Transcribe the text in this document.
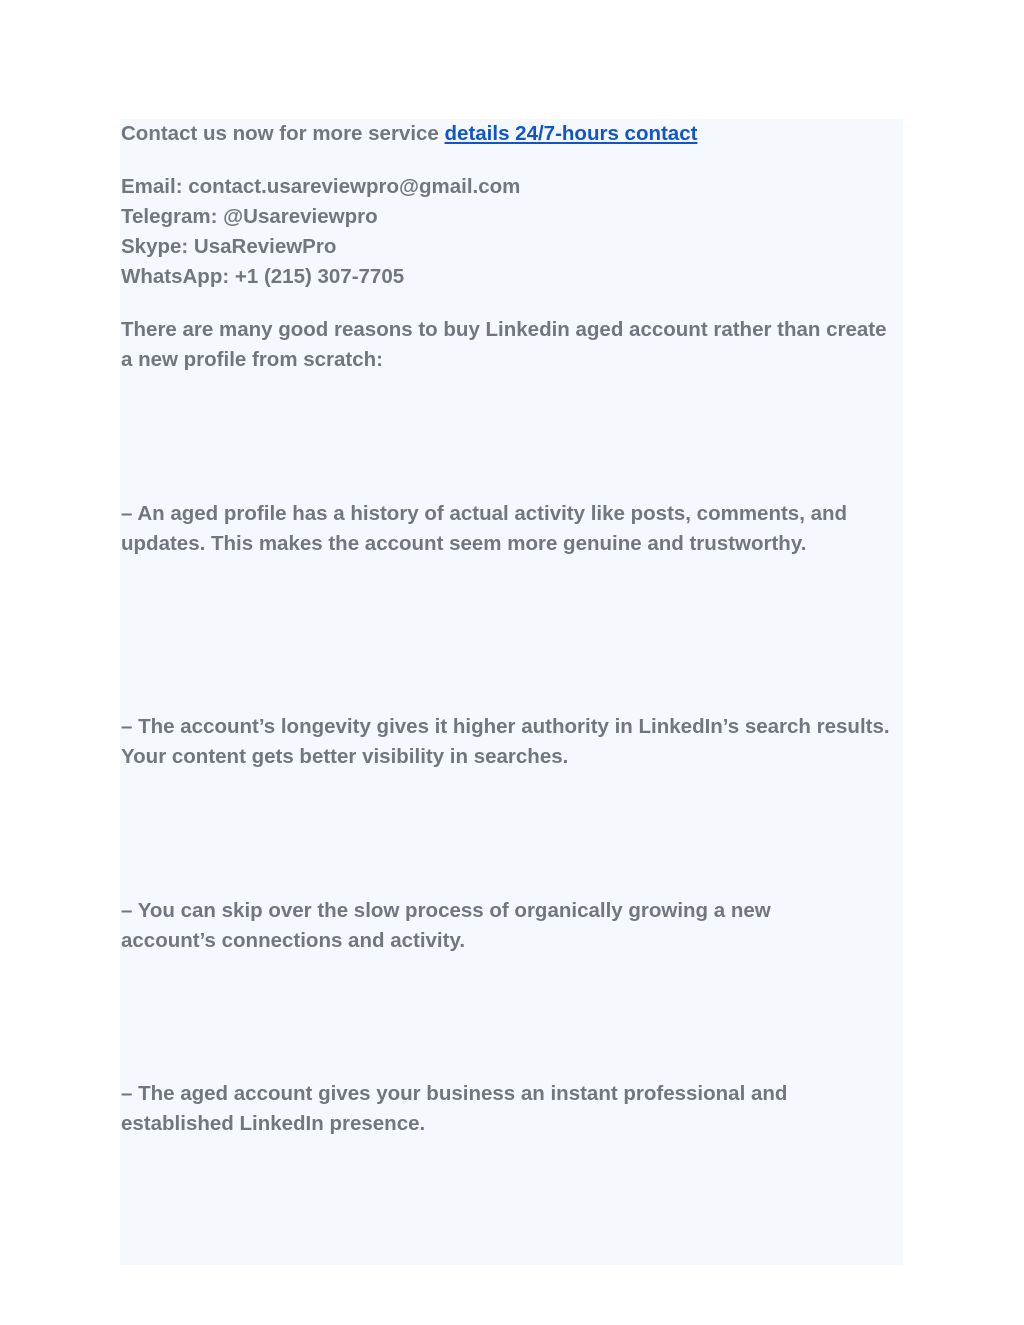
Contact us now for more service details 24/7-hours contact

Email: contact.usareviewpro@gmail.com
Telegram: @Usareviewpro
Skype: UsaReviewPro
WhatsApp: +1 (215) 307-7705

There are many good reasons to buy Linkedin aged account rather than create a new profile from scratch:

– An aged profile has a history of actual activity like posts, comments, and updates. This makes the account seem more genuine and trustworthy.

– The account’s longevity gives it higher authority in LinkedIn’s search results. Your content gets better visibility in searches.

– You can skip over the slow process of organically growing a new account’s connections and activity.

– The aged account gives your business an instant professional and established LinkedIn presence.
